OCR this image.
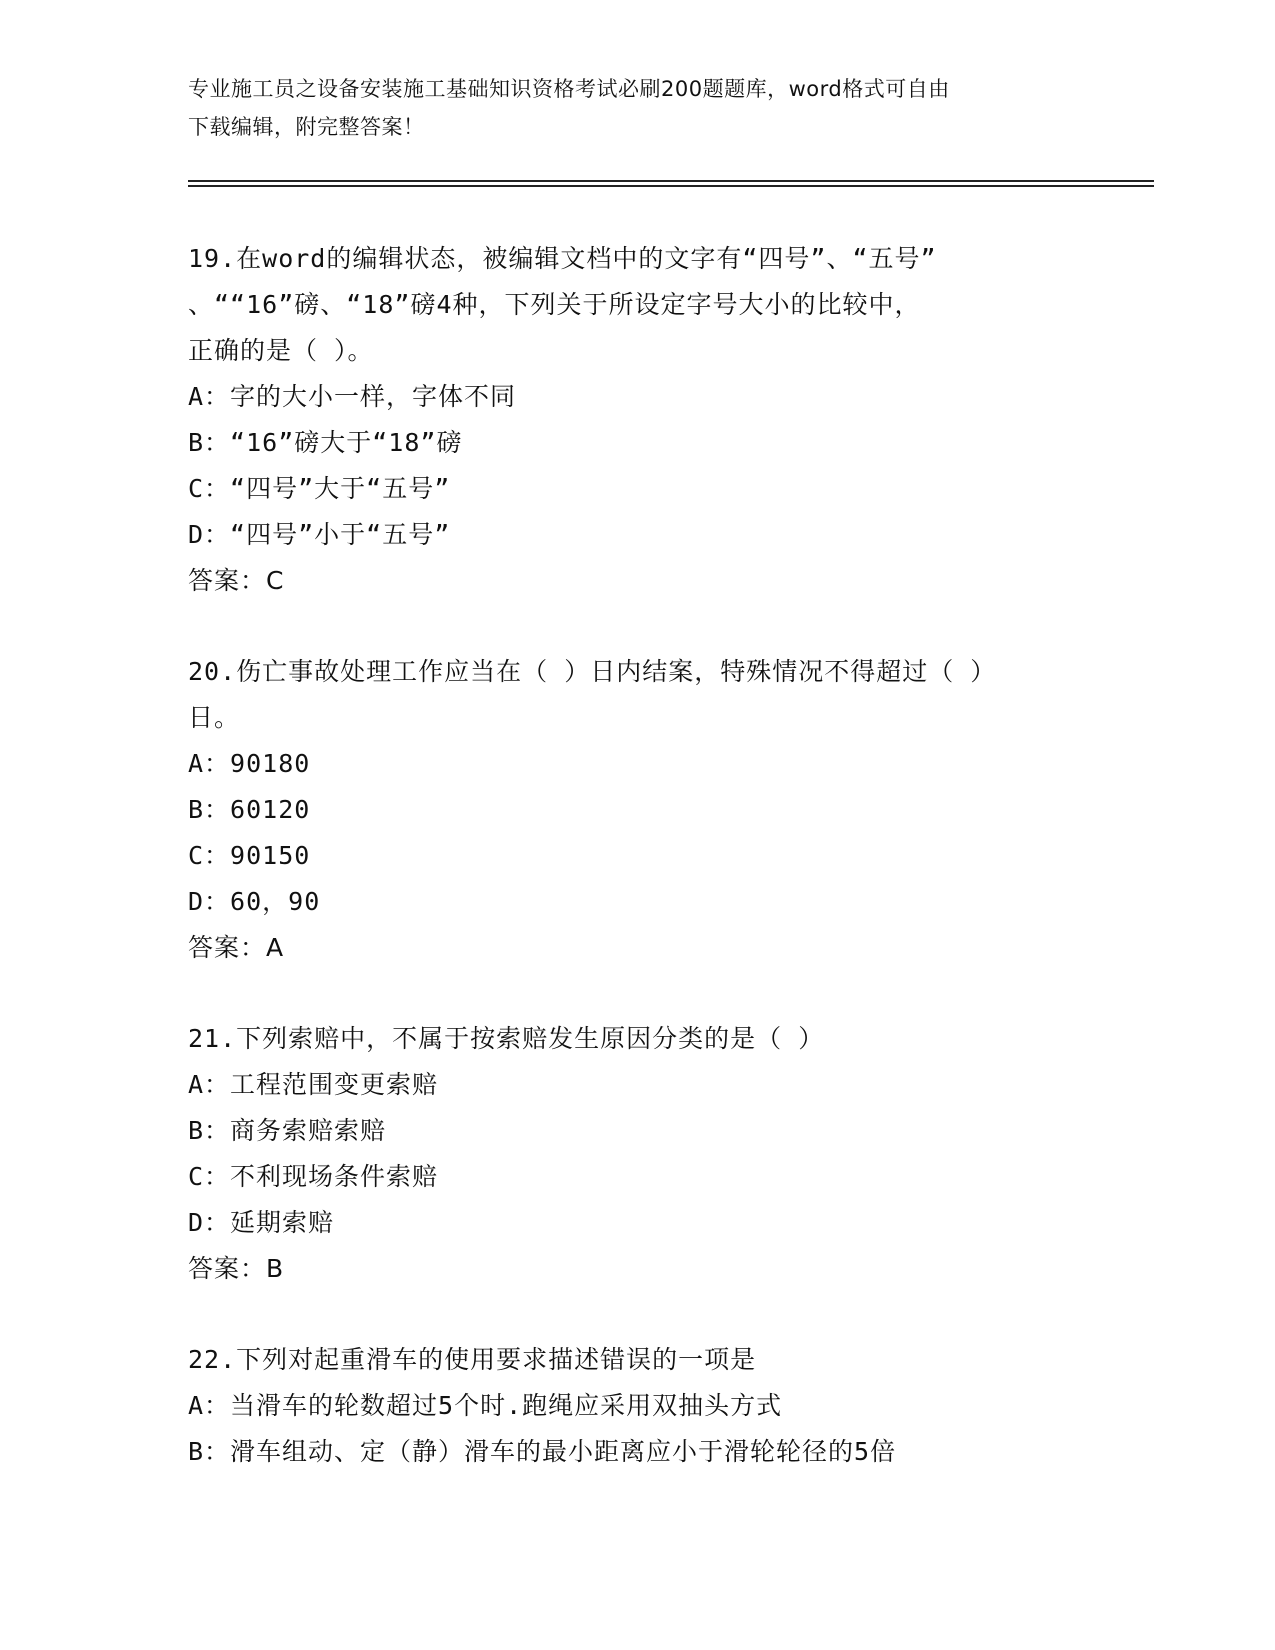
专业施工员之设备安装施工基础知识资格考试必刷200题题库，word格式可自由
下载编辑，附完整答案！
19.在word的编辑状态，被编辑文档中的文字有“四号”、“五号”
、““16”磅、“18”磅4种，下列关于所设定字号大小的比较中，
正确的是（ ）。
A：字的大小一样，字体不同
B：“16”磅大于“18”磅
C：“四号”大于“五号”
D：“四号”小于“五号”
答案：C
20.伤亡事故处理工作应当在（ ）日内结案，特殊情况不得超过（ ）
日。
A：90180
B：60120
C：90150
D：60，90
答案：A
21.下列索赔中，不属于按索赔发生原因分类的是（ ）
A：工程范围变更索赔
B：商务索赔索赔
C：不利现场条件索赔
D：延期索赔
答案：B
22.下列对起重滑车的使用要求描述错误的一项是
A：当滑车的轮数超过5个时.跑绳应采用双抽头方式
B：滑车组动、定（静）滑车的最小距离应小于滑轮轮径的5倍
